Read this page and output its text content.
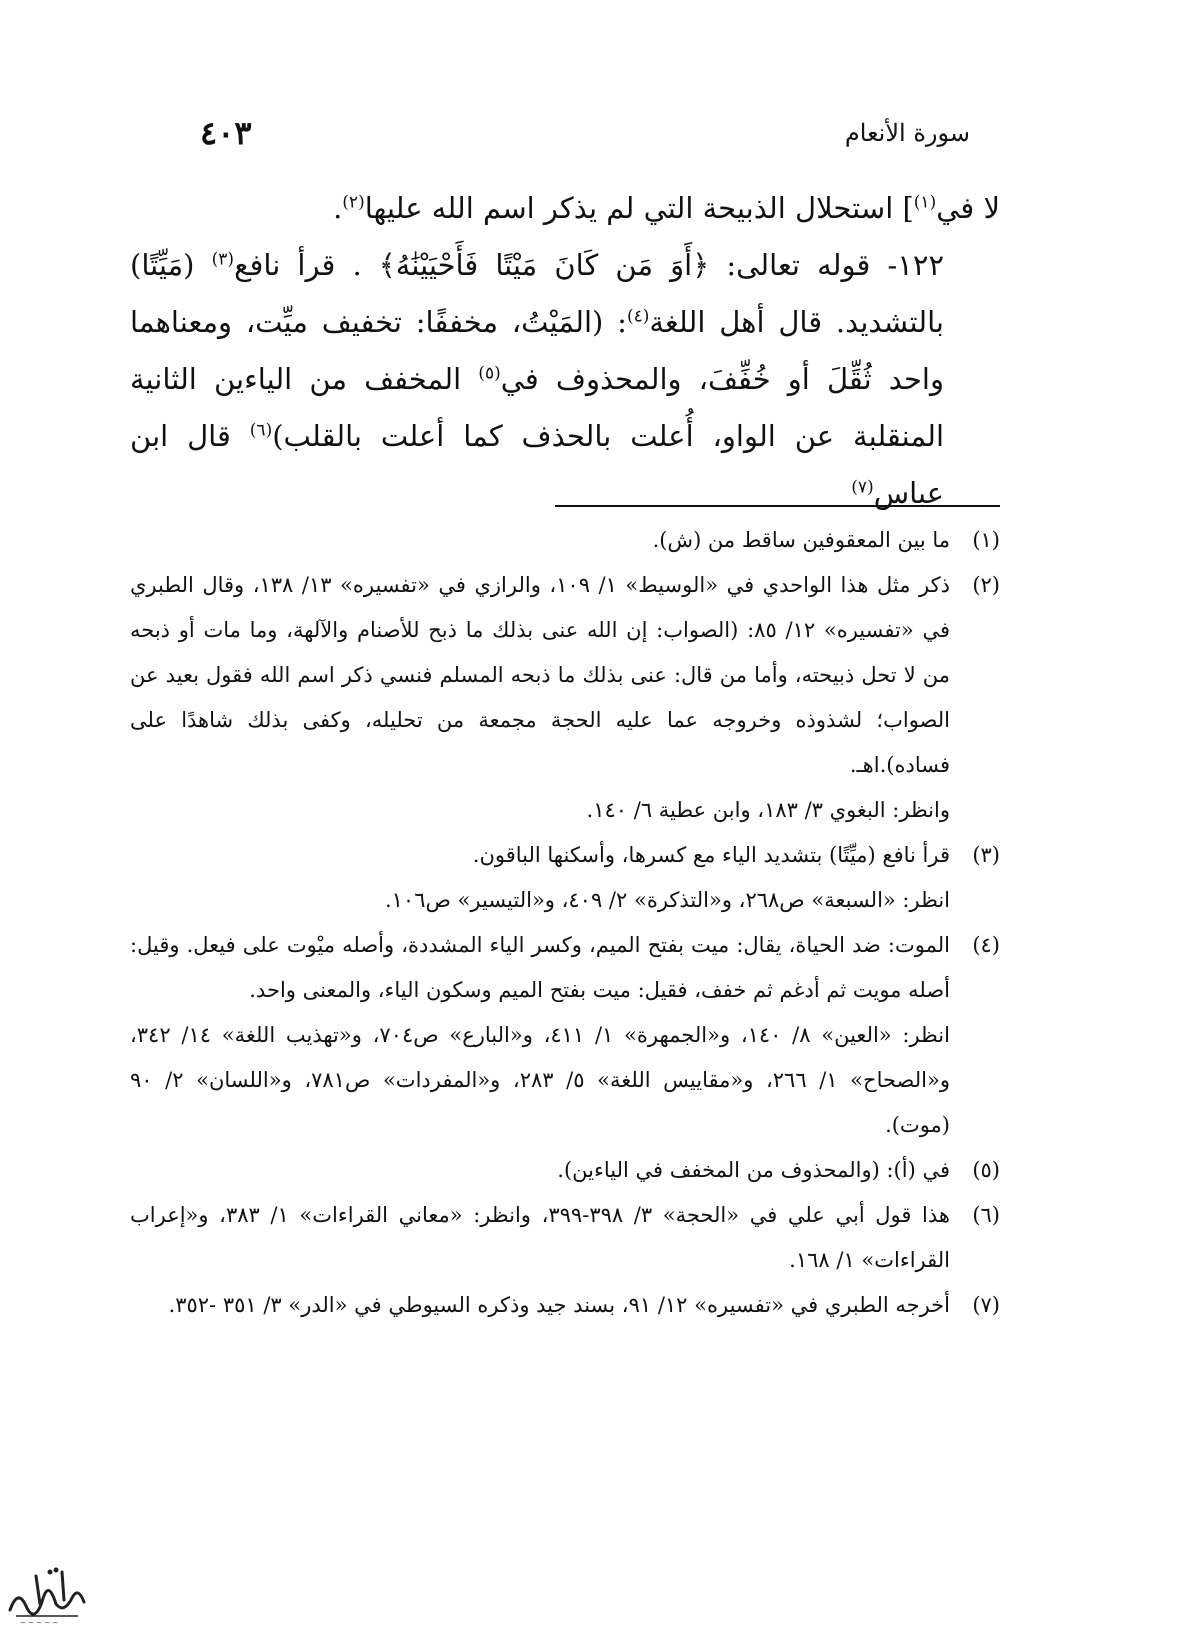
سورة الأنعام
٤٠٣

لا في$^{(١)}$] استحلال الذبيحة التي لم يذكر اسم الله عليها$^{(٢)}$.

١٢٢- قوله تعالى: ﴿أَوَ مَن كَانَ مَيْتًا فَأَحْيَيْنَٰهُ﴾ . قرأ نافع$^{(٣)}$ (مَيِّتًا) بالتشديد. قال أهل اللغة$^{(٤)}$: (المَيْتُ، مخففًا: تخفيف ميِّت، ومعناهما واحد ثُقِّلَ أو خُفِّفَ، والمحذوف في$^{(٥)}$ المخفف من الياءين الثانية المنقلبة عن الواو، أُعلت بالحذف كما أعلت بالقلب)$^{(٦)}$ قال ابن عباس$^{(٧)}$

(١)

ما بين المعقوفين ساقط من (ش).

(٢)

ذكر مثل هذا الواحدي في «الوسيط» ١/ ١٠٩، والرازي في «تفسيره» ١٣/ ١٣٨، وقال الطبري في «تفسيره» ١٢/ ٨٥: (الصواب: إن الله عنى بذلك ما ذبح للأصنام والآلهة، وما مات أو ذبحه من لا تحل ذبيحته، وأما من قال: عنى بذلك ما ذبحه المسلم فنسي ذكر اسم الله فقول بعيد عن الصواب؛ لشذوذه وخروجه عما عليه الحجة مجمعة من تحليله، وكفى بذلك شاهدًا على فساده).اهـ.

وانظر: البغوي ٣/ ١٨٣، وابن عطية ٦/ ١٤٠.

(٣)

قرأ نافع (ميِّتًا) بتشديد الياء مع كسرها، وأسكنها الباقون.

انظر: «السبعة» ص٢٦٨، و«التذكرة» ٢/ ٤٠٩، و«التيسير» ص١٠٦.

(٤)

الموت: ضد الحياة، يقال: ميت بفتح الميم، وكسر الياء المشددة، وأصله ميْوت على فيعل. وقيل: أصله مويت ثم أدغم ثم خفف، فقيل: ميت بفتح الميم وسكون الياء، والمعنى واحد.

انظر: «العين» ٨/ ١٤٠، و«الجمهرة» ١/ ٤١١، و«البارع» ص٧٠٤، و«تهذيب اللغة» ١٤/ ٣٤٢، و«الصحاح» ١/ ٢٦٦، و«مقاييس اللغة» ٥/ ٢٨٣، و«المفردات» ص٧٨١، و«اللسان» ٢/ ٩٠ (موت).

(٥)

في (أ): (والمحذوف من المخفف في الياءين).

(٦)

هذا قول أبي علي في «الحجة» ٣/ ٣٩٨-٣٩٩، وانظر: «معاني القراءات» ١/ ٣٨٣، و«إعراب القراءات» ١/ ١٦٨.

(٧)

أخرجه الطبري في «تفسيره» ١٢/ ٩١، بسند جيد وذكره السيوطي في «الدر» ٣/ ٣٥١ -٣٥٢.

~ ~ ~ ~ ~
